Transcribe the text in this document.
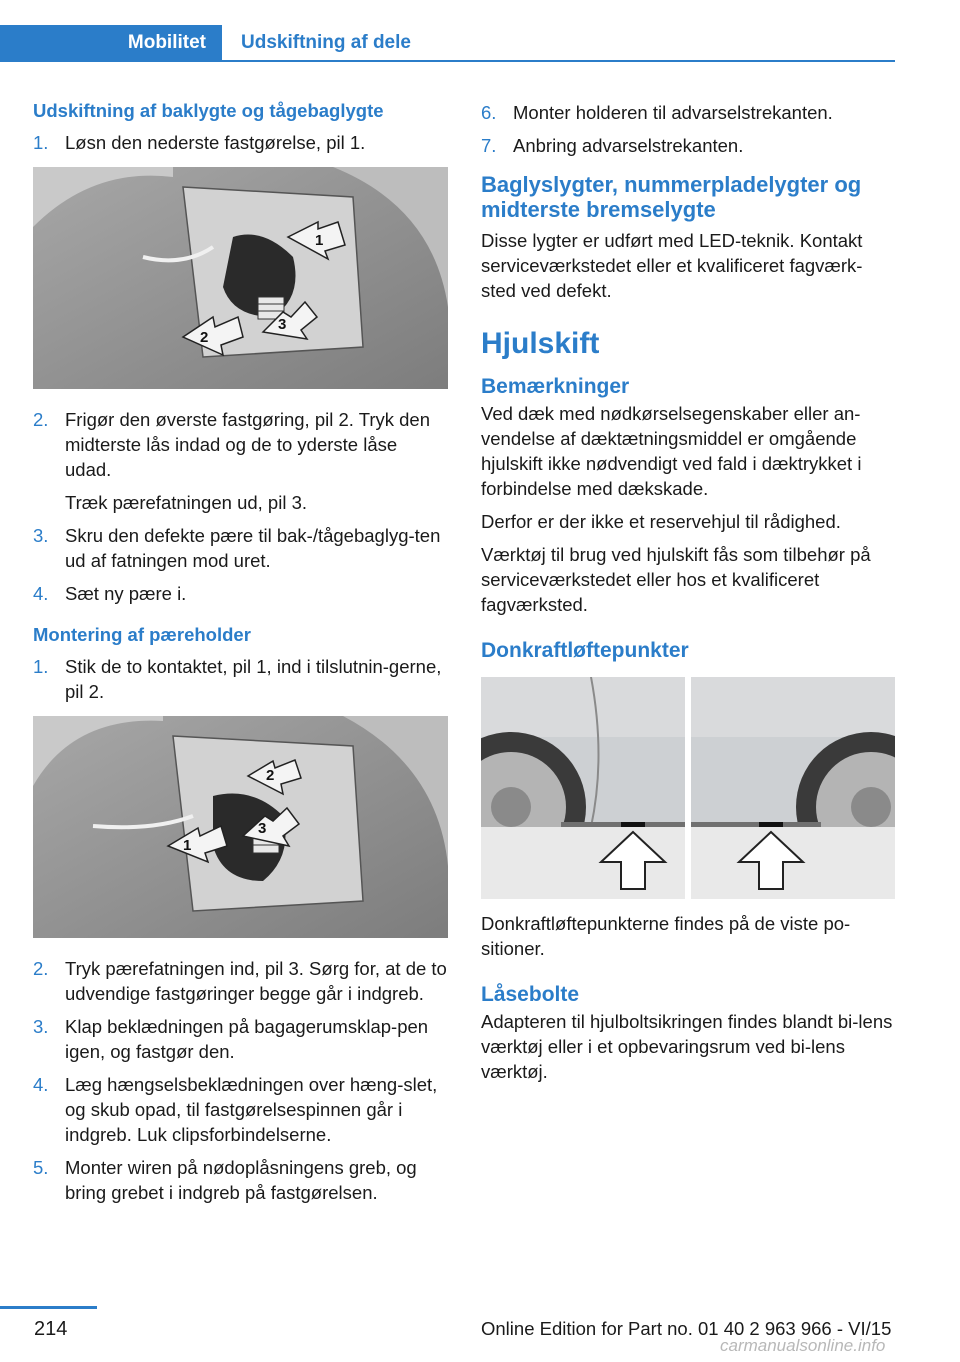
Mobilitet Udskiftning af dele
Udskiftning af baklygte og tågebaglygte
1. Løsn den nederste fastgørelse, pil 1.
1
2
3
2. Frigør den øverste fastgøring, pil 2. Tryk den midterste lås indad og de to yderste låse udad.
Træk pærefatningen ud, pil 3.
3. Skru den defekte pære til bak-/tågebaglyg‐ten ud af fatningen mod uret.
4. Sæt ny pære i.
Montering af pæreholder
1. Stik de to kontaktet, pil 1, ind i tilslutnin‐gerne, pil 2.
1
2
3
2. Tryk pærefatningen ind, pil 3. Sørg for, at de to udvendige fastgøringer begge går i indgreb.
3. Klap beklædningen på bagagerumsklap‐pen igen, og fastgør den.
4. Læg hængselsbeklædningen over hæng‐slet, og skub opad, til fastgørelsespinnen går i indgreb. Luk clipsforbindelserne.
5. Monter wiren på nødoplåsningens greb, og bring grebet i indgreb på fastgørelsen.
6. Monter holderen til advarselstrekanten.
7. Anbring advarselstrekanten.
Baglyslygter, nummerpladelygter og midterste bremselygte
Disse lygter er udført med LED-teknik. Kontakt serviceværkstedet eller et kvalificeret fagværk‐sted ved defekt.
Hjulskift
Bemærkninger
Ved dæk med nødkørselsegenskaber eller an‐vendelse af dæktætningsmiddel er omgående hjulskift ikke nødvendigt ved fald i dæktrykket i forbindelse med dækskade.
Derfor er der ikke et reservehjul til rådighed.
Værktøj til brug ved hjulskift fås som tilbehør på serviceværkstedet eller hos et kvalificeret fagværksted.
Donkraftløftepunkter
Donkraftløftepunkterne findes på de viste po‐sitioner.
Låsebolte
Adapteren til hjulboltsikringen findes blandt bi‐lens værktøj eller i et opbevaringsrum ved bi‐lens værktøj.
214	Online Edition for Part no. 01 40 2 963 966 - VI/15
carmanualsonline.info
